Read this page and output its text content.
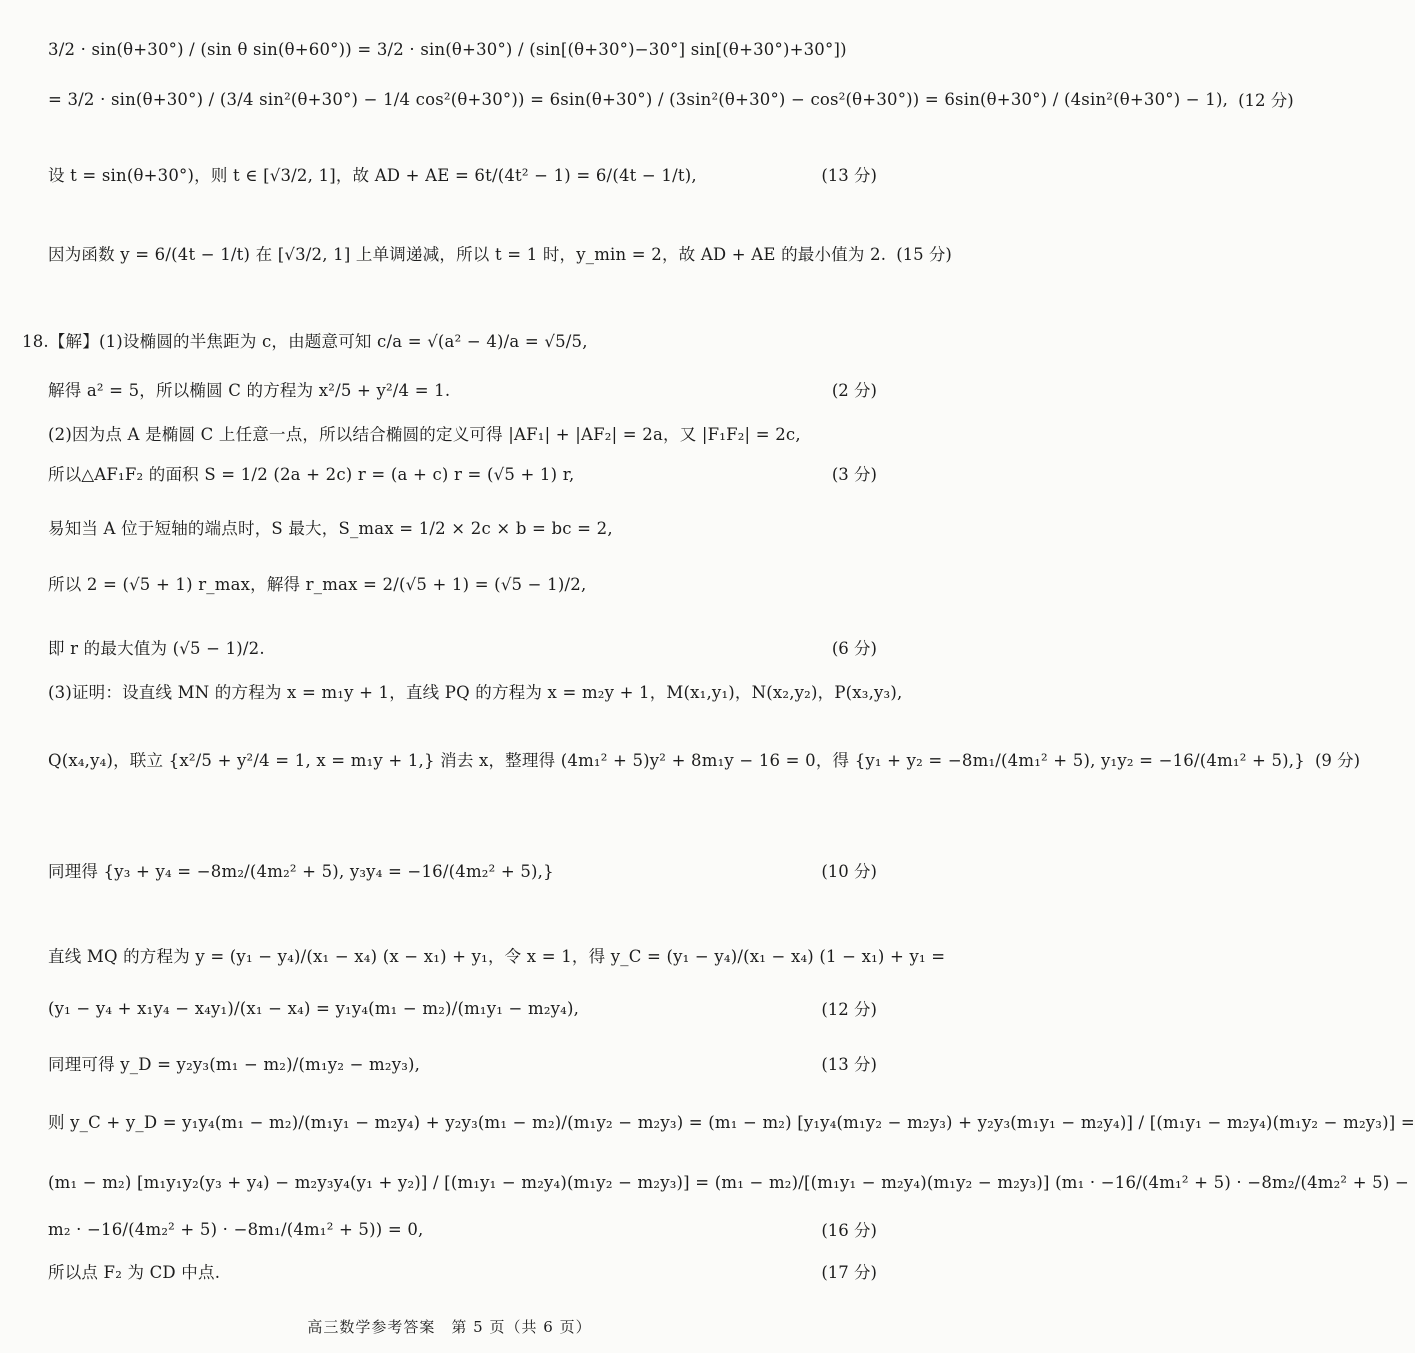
3/2 · sin(θ+30°) / (sin θ sin(θ+60°)) = 3/2 · sin(θ+30°) / (sin[(θ+30°)−30°] sin[(θ+30°)+30°])
= 3/2 · sin(θ+30°) / (3/4 sin²(θ+30°) − 1/4 cos²(θ+30°)) = 6sin(θ+30°) / (3sin²(θ+30°) − cos²(θ+30°)) = 6sin(θ+30°) / (4sin²(θ+30°) − 1), (12 分)
设 t = sin(θ+30°)，则 t ∈ [√3/2, 1]，故 AD + AE = 6t/(4t² − 1) = 6/(4t − 1/t),	(13 分)
因为函数 y = 6/(4t − 1/t) 在 [√3/2, 1] 上单调递减，所以 t = 1 时，y_min = 2，故 AD + AE 的最小值为 2. (15 分)
18.【解】(1)设椭圆的半焦距为 c，由题意可知 c/a = √(a² − 4)/a = √5/5,
解得 a² = 5，所以椭圆 C 的方程为 x²/5 + y²/4 = 1.	(2 分)
(2)因为点 A 是椭圆 C 上任意一点，所以结合椭圆的定义可得 |AF₁| + |AF₂| = 2a，又 |F₁F₂| = 2c,
所以△AF₁F₂ 的面积 S = 1/2 (2a + 2c) r = (a + c) r = (√5 + 1) r,	(3 分)
易知当 A 位于短轴的端点时，S 最大，S_max = 1/2 × 2c × b = bc = 2,
所以 2 = (√5 + 1) r_max，解得 r_max = 2/(√5 + 1) = (√5 − 1)/2,
即 r 的最大值为 (√5 − 1)/2.	(6 分)
(3)证明：设直线 MN 的方程为 x = m₁y + 1，直线 PQ 的方程为 x = m₂y + 1，M(x₁,y₁)，N(x₂,y₂)，P(x₃,y₃),
Q(x₄,y₄)，联立 {x²/5 + y²/4 = 1, x = m₁y + 1,} 消去 x，整理得 (4m₁² + 5)y² + 8m₁y − 16 = 0，得 {y₁ + y₂ = −8m₁/(4m₁² + 5), y₁y₂ = −16/(4m₁² + 5),} (9 分)
同理得 {y₃ + y₄ = −8m₂/(4m₂² + 5), y₃y₄ = −16/(4m₂² + 5),}	(10 分)
直线 MQ 的方程为 y = (y₁ − y₄)/(x₁ − x₄) (x − x₁) + y₁，令 x = 1，得 y_C = (y₁ − y₄)/(x₁ − x₄) (1 − x₁) + y₁ =
(y₁ − y₄ + x₁y₄ − x₄y₁)/(x₁ − x₄) = y₁y₄(m₁ − m₂)/(m₁y₁ − m₂y₄),	(12 分)
同理可得 y_D = y₂y₃(m₁ − m₂)/(m₁y₂ − m₂y₃),	(13 分)
则 y_C + y_D = y₁y₄(m₁ − m₂)/(m₁y₁ − m₂y₄) + y₂y₃(m₁ − m₂)/(m₁y₂ − m₂y₃) = (m₁ − m₂) [y₁y₄(m₁y₂ − m₂y₃) + y₂y₃(m₁y₁ − m₂y₄)] / [(m₁y₁ − m₂y₄)(m₁y₂ − m₂y₃)] =
(m₁ − m₂) [m₁y₁y₂(y₃ + y₄) − m₂y₃y₄(y₁ + y₂)] / [(m₁y₁ − m₂y₄)(m₁y₂ − m₂y₃)] = (m₁ − m₂)/[(m₁y₁ − m₂y₄)(m₁y₂ − m₂y₃)] (m₁ · −16/(4m₁² + 5) · −8m₂/(4m₂² + 5) −
m₂ · −16/(4m₂² + 5) · −8m₁/(4m₁² + 5)) = 0,	(16 分)
所以点 F₂ 为 CD 中点.	(17 分)
高三数学参考答案　第 5 页（共 6 页）
